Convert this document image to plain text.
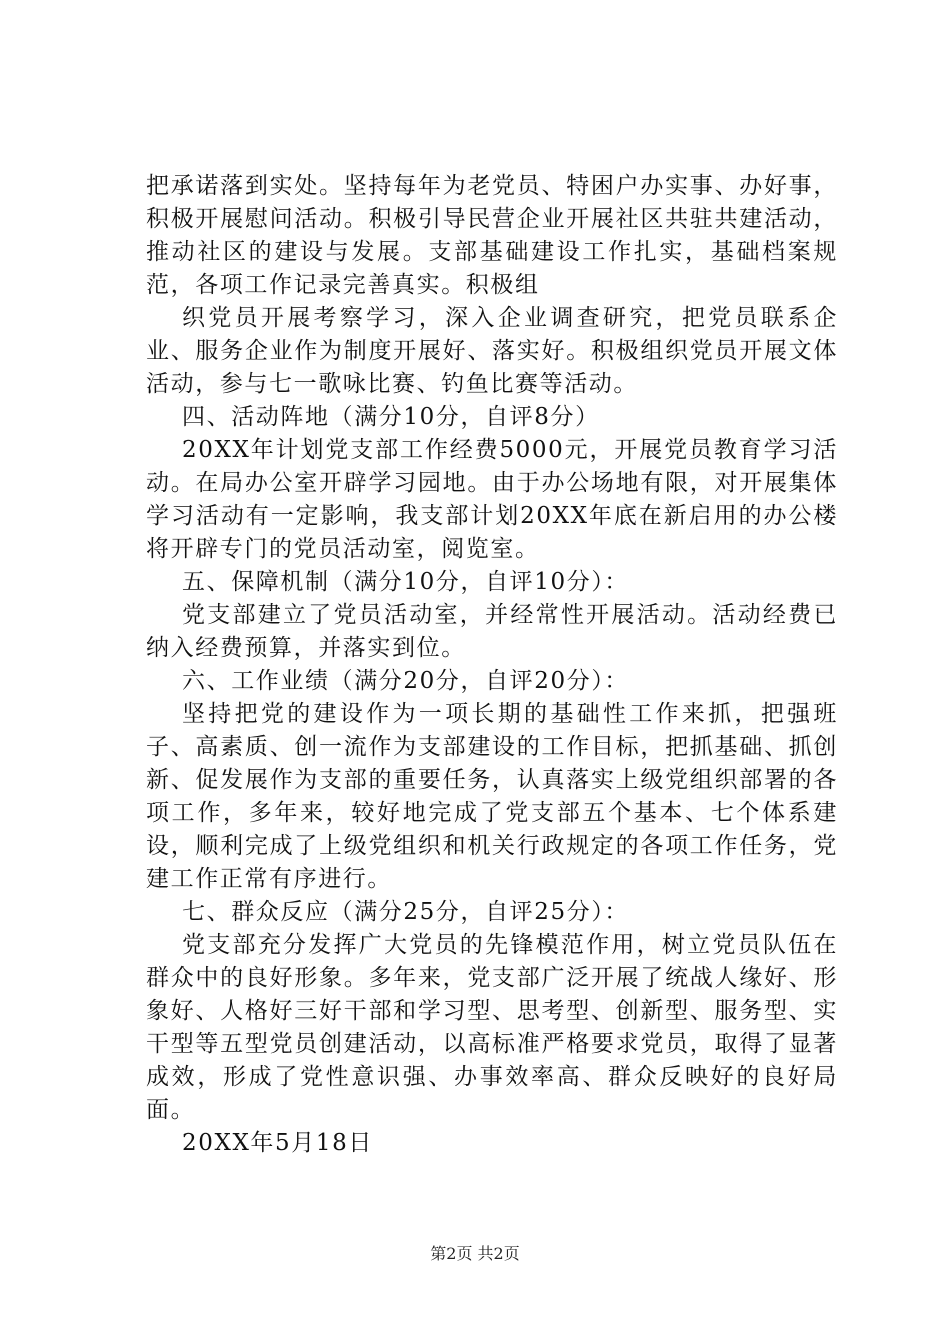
把承诺落到实处。坚持每年为老党员、特困户办实事、办好事，积极开展慰问活动。积极引导民营企业开展社区共驻共建活动，推动社区的建设与发展。支部基础建设工作扎实，基础档案规范，各项工作记录完善真实。积极组

织党员开展考察学习，深入企业调查研究，把党员联系企业、服务企业作为制度开展好、落实好。积极组织党员开展文体活动，参与七一歌咏比赛、钓鱼比赛等活动。

四、活动阵地（满分10分，自评8分）

20XX年计划党支部工作经费5000元，开展党员教育学习活动。在局办公室开辟学习园地。由于办公场地有限，对开展集体学习活动有一定影响，我支部计划20XX年底在新启用的办公楼将开辟专门的党员活动室，阅览室。

五、保障机制（满分10分，自评10分）：

党支部建立了党员活动室，并经常性开展活动。活动经费已纳入经费预算，并落实到位。

六、工作业绩（满分20分，自评20分）：

坚持把党的建设作为一项长期的基础性工作来抓，把强班子、高素质、创一流作为支部建设的工作目标，把抓基础、抓创新、促发展作为支部的重要任务，认真落实上级党组织部署的各项工作，多年来，较好地完成了党支部五个基本、七个体系建设，顺利完成了上级党组织和机关行政规定的各项工作任务，党建工作正常有序进行。

七、群众反应（满分25分，自评25分）：

党支部充分发挥广大党员的先锋模范作用，树立党员队伍在群众中的良好形象。多年来，党支部广泛开展了统战人缘好、形象好、人格好三好干部和学习型、思考型、创新型、服务型、实干型等五型党员创建活动，以高标准严格要求党员，取得了显著成效，形成了党性意识强、办事效率高、群众反映好的良好局面。

20XX年5月18日

第2页 共2页
